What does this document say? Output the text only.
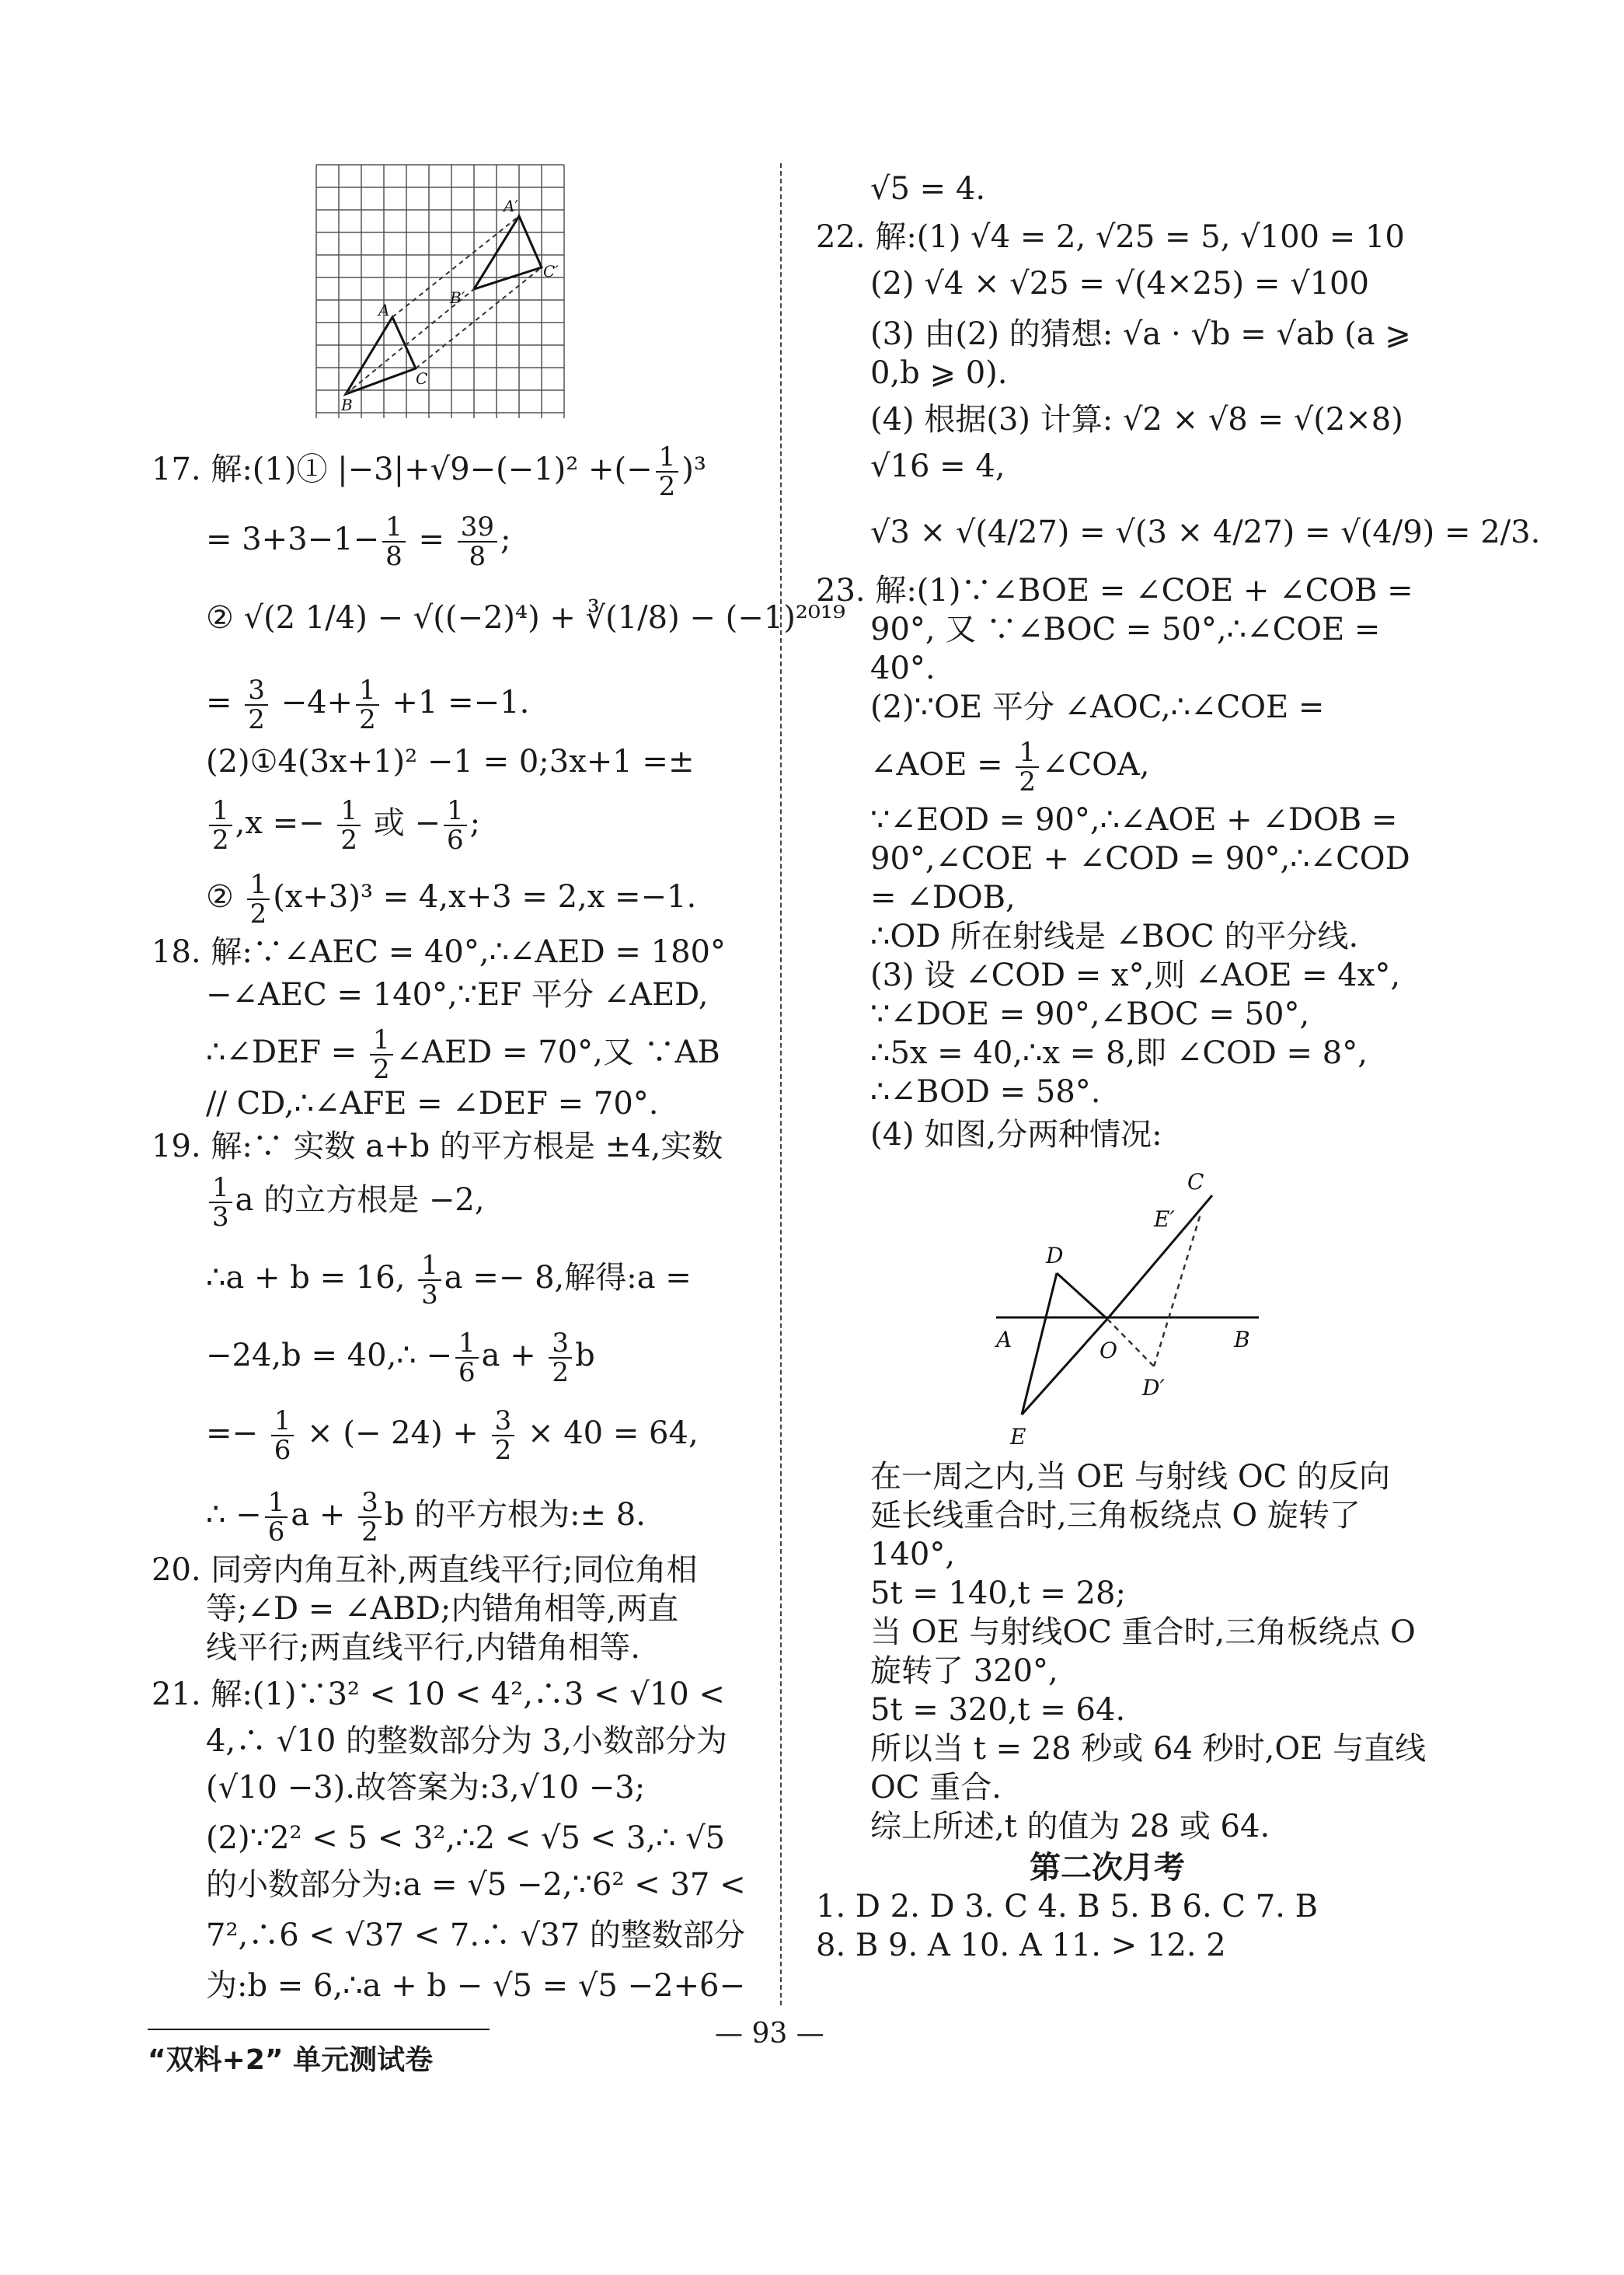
A
B
C
A′
B′
C′
17. 解:(1)① |−3|+√9−(−1)² +(− $\frac{1}{2} )^3$
= $3+3-1- \frac{1}{8} = \frac{39}{8}$ ;
② √(2 1/4) − √((−2)⁴) + ∛(1/8) − (−1)²⁰¹⁹
= $\frac{3}{2} -4+ \frac{1}{2} +1 =-1$.
(2)①4(3x+1)² −1 = 0;3x+1 =±
$\frac{1}{2} ,x =- \frac{1}{2}$ 或 − $\frac{1}{6}$ ;
② $\frac{1}{2} (x+3)^3 = 4,x+3 = 2,x =-1$.
18. 解:∵∠AEC = 40°,∴∠AED = 180°
−∠AEC = 140°,∵EF 平分 ∠AED,
∴∠DEF = $\frac{1}{2}$ ∠AED = 70°,又 ∵AB
// CD,∴∠AFE = ∠DEF = 70°.
19. 解:∵ 实数 a+b 的平方根是 ±4,实数
$\frac{1}{3}$ a 的立方根是 −2,
∴a + b = 16, $\frac{1}{3}$ a =− 8,解得:a =
−24,b = 40,∴ − $\frac{1}{6}$ $a + \frac{3}{2}$ b
=− $\frac{1}{6}$ × (− $24) + \frac{3}{2} \times 40 = 64$,
∴ − $\frac{1}{6}$ $a + \frac{3}{2}$ b 的平方根为:± 8.
20. 同旁内角互补,两直线平行;同位角相
等;∠D = ∠ABD;内错角相等,两直
线平行;两直线平行,内错角相等.
21. 解:(1)∵3² < 10 < 4²,∴3 < √10 <
4,∴ √10 的整数部分为 3,小数部分为
(√10 −3).故答案为:3,√10 −3;
(2)∵2² < 5 < 3²,∴2 < √5 < 3,∴ √5
的小数部分为:a = √5 −2,∵6² < 37 <
7²,∴6 < √37 < 7.∴ √37 的整数部分
为:b = 6,∴a + b − √5 = √5 −2+6−
√5 = 4.
22. 解:(1) √4 = 2, √25 = 5, √100 = 10
(2) √4 × √25 = √(4×25) = √100
(3) 由(2) 的猜想: √a · √b = √ab (a ⩾
0,b ⩾ 0).
(4) 根据(3) 计算: √2 × √8 = √(2×8)
√16 = 4,
√3 × √(4/27) = √(3 × 4/27) = √(4/9) = 2/3.
23. 解:(1)∵∠BOE = ∠COE + ∠COB =
90°, 又 ∵∠BOC = 50°,∴∠COE =
40°.
(2)∵OE 平分 ∠AOC,∴∠COE =
∠AOE = $\frac{1}{2}$ ∠COA,
∵∠EOD = 90°,∴∠AOE + ∠DOB =
90°,∠COE + ∠COD = 90°,∴∠COD
= ∠DOB,
∴OD 所在射线是 ∠BOC 的平分线.
(3) 设 ∠COD = x°,则 ∠AOE = 4x°,
∵∠DOE = 90°,∠BOC = 50°,
∴5x = 40,∴x = 8,即 ∠COD = 8°,
∴∠BOD = 58°.
(4) 如图,分两种情况:
C
E′
D
A	O	B
D′
E
在一周之内,当 OE 与射线 OC 的反向
延长线重合时,三角板绕点 O 旋转了
140°,
5t = 140,t = 28;
当 OE 与射线OC 重合时,三角板绕点 O
旋转了 320°,
5t = 320,t = 64.
所以当 t = 28 秒或 64 秒时,OE 与直线
OC 重合.
综上所述,t 的值为 28 或 64.
第二次月考
1. D 2. D 3. C 4. B 5. B 6. C 7. B
8. B 9. A 10. A 11. > 12. 2
— 93 —
“双料+2” 单元测试卷
